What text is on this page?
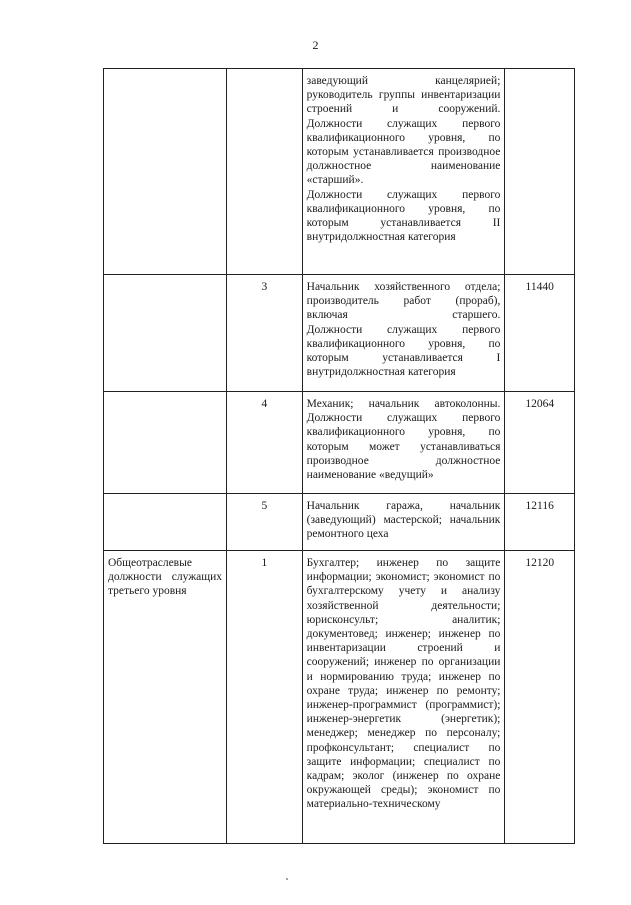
2

		заведующий канцелярией; руководитель группы инвентаризации строений и сооружений.

Должности служащих первого квалификационного уровня, по которым устанавливается производное должностное наименование «старший».

Должности служащих первого квалификационного уровня, по которым устанавливается II внутридолжностная категория	

	3	Начальник хозяйственного отдела; производитель работ (прораб), включая старшего.

Должности служащих первого квалификационного уровня, по которым устанавливается I внутридолжностная категория	11440

	4	Механик; начальник автоколонны. Должности служащих первого квалификационного уровня, по которым может устанавливаться производное должностное наименование «ведущий»	12064

	5	Начальник гаража, начальник (заведующий) мастерской; начальник ремонтного цеха	12116

Общеотраслевые должности служащих третьего уровня	1	Бухгалтер; инженер по защите информации; экономист; экономист по бухгалтерскому учету и анализу хозяйственной деятельности; юрисконсульт; аналитик; документовед; инженер; инженер по инвентаризации строений и сооружений; инженер по организации и нормированию труда; инженер по охране труда; инженер по ремонту; инженер-программист (программист); инженер-энергетик (энергетик); менеджер; менеджер по персоналу; профконсультант; специалист по защите информации; специалист по кадрам; эколог (инженер по охране окружающей среды); экономист по материально-техническому	12120
